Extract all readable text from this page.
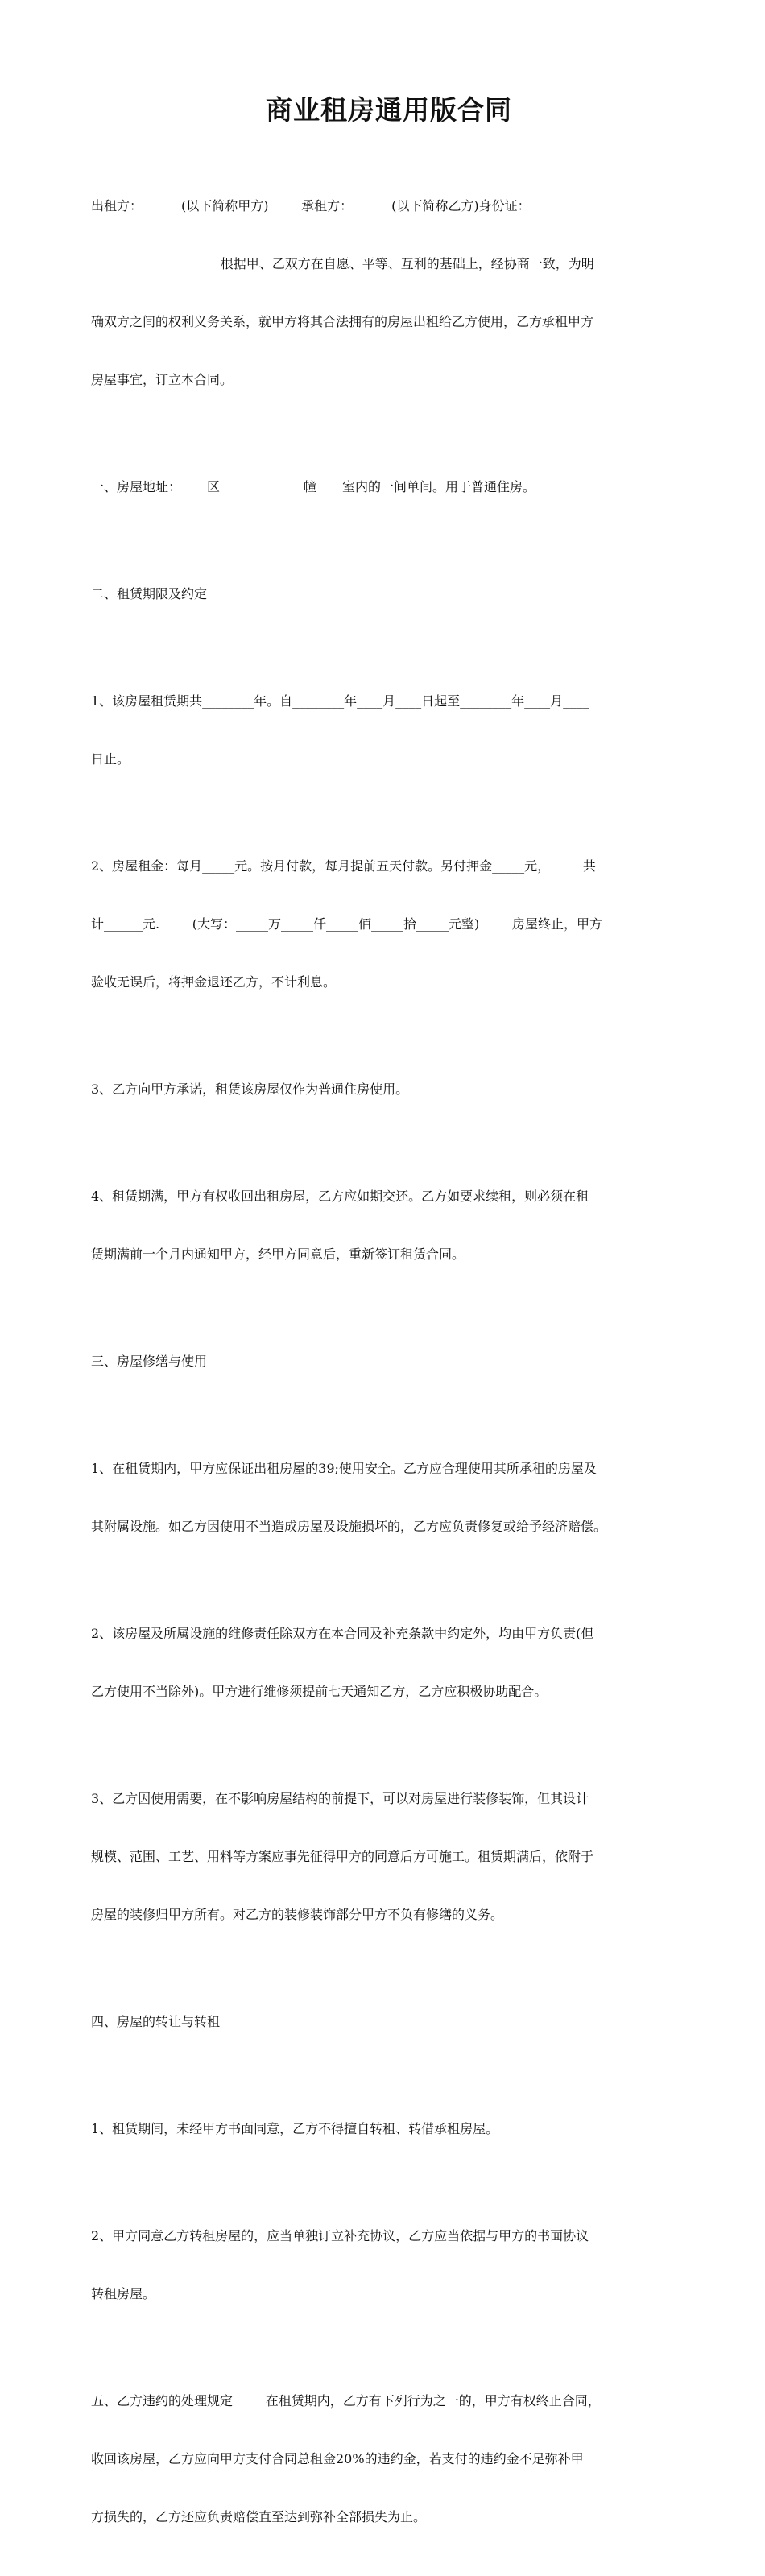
商业租房通用版合同

出租方：______(以下简称甲方)        承租方：______(以下简称乙方)身份证：____________

_______________        根据甲、乙双方在自愿、平等、互利的基础上，经协商一致，为明

确双方之间的权利义务关系，就甲方将其合法拥有的房屋出租给乙方使用，乙方承租甲方

房屋事宜，订立本合同。

一、房屋地址：____区_____________幢____室内的一间单间。用于普通住房。

二、租赁期限及约定

1、该房屋租赁期共________年。自________年____月____日起至________年____月____

日止。

2、房屋租金：每月_____元。按月付款，每月提前五天付款。另付押金_____元，        共

计______元.        (大写：_____万_____仟_____佰_____拾_____元整)        房屋终止，甲方

验收无误后，将押金退还乙方，不计利息。

3、乙方向甲方承诺，租赁该房屋仅作为普通住房使用。

4、租赁期满，甲方有权收回出租房屋，乙方应如期交还。乙方如要求续租，则必须在租

赁期满前一个月内通知甲方，经甲方同意后，重新签订租赁合同。

三、房屋修缮与使用

1、在租赁期内，甲方应保证出租房屋的39;使用安全。乙方应合理使用其所承租的房屋及

其附属设施。如乙方因使用不当造成房屋及设施损坏的，乙方应负责修复或给予经济赔偿。

2、该房屋及所属设施的维修责任除双方在本合同及补充条款中约定外，均由甲方负责(但

乙方使用不当除外)。甲方进行维修须提前七天通知乙方，乙方应积极协助配合。

3、乙方因使用需要，在不影响房屋结构的前提下，可以对房屋进行装修装饰，但其设计

规模、范围、工艺、用料等方案应事先征得甲方的同意后方可施工。租赁期满后，依附于

房屋的装修归甲方所有。对乙方的装修装饰部分甲方不负有修缮的义务。

四、房屋的转让与转租

1、租赁期间，未经甲方书面同意，乙方不得擅自转租、转借承租房屋。

2、甲方同意乙方转租房屋的，应当单独订立补充协议，乙方应当依据与甲方的书面协议

转租房屋。

五、乙方违约的处理规定        在租赁期内，乙方有下列行为之一的，甲方有权终止合同，

收回该房屋，乙方应向甲方支付合同总租金20%的违约金，若支付的违约金不足弥补甲

方损失的，乙方还应负责赔偿直至达到弥补全部损失为止。
